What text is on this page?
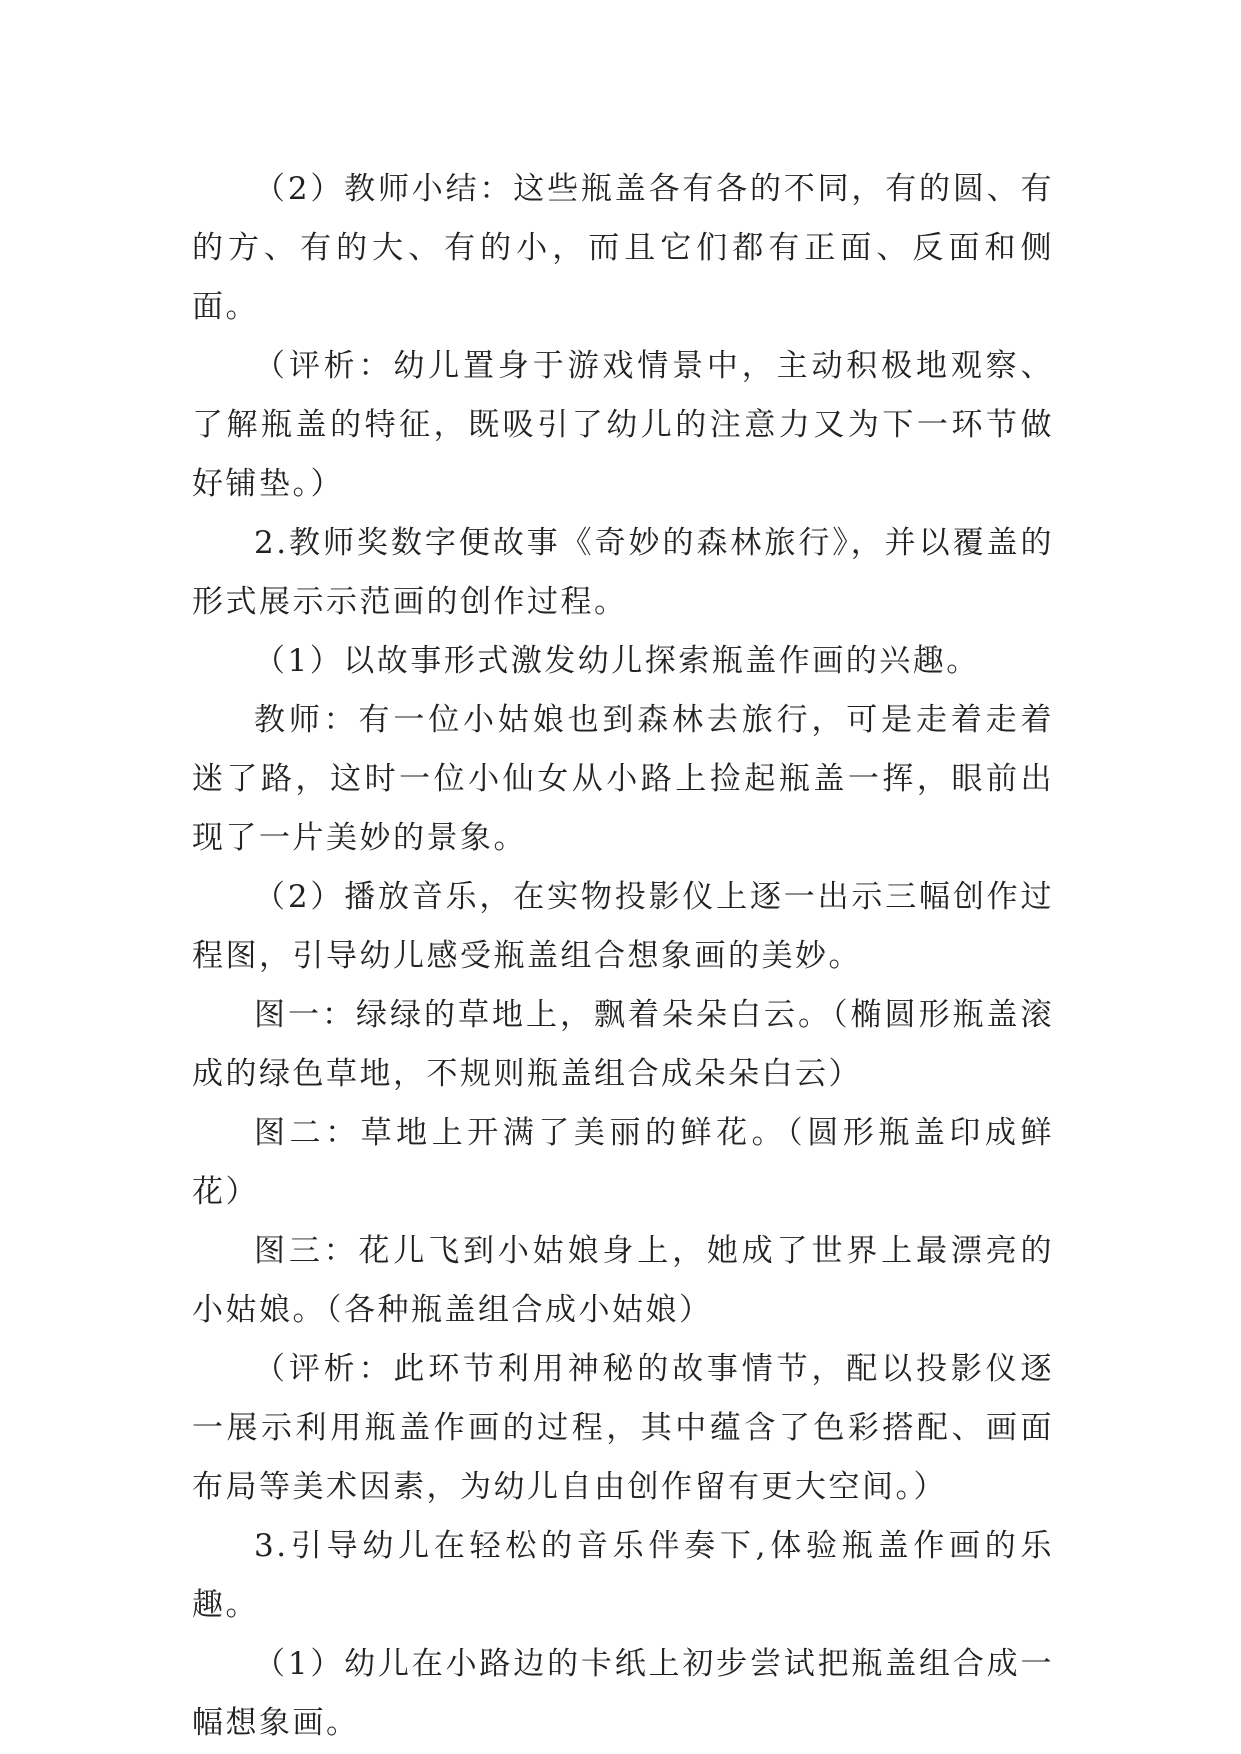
（2）教师小结：这些瓶盖各有各的不同，有的圆、有的方、有的大、有的小，而且它们都有正面、反面和侧面。

（评析：幼儿置身于游戏情景中，主动积极地观察、了解瓶盖的特征，既吸引了幼儿的注意力又为下一环节做好铺垫。）

2.教师奖数字便故事《奇妙的森林旅行》，并以覆盖的形式展示示范画的创作过程。

（1）以故事形式激发幼儿探索瓶盖作画的兴趣。

教师：有一位小姑娘也到森林去旅行，可是走着走着迷了路，这时一位小仙女从小路上捡起瓶盖一挥，眼前出现了一片美妙的景象。

（2）播放音乐，在实物投影仪上逐一出示三幅创作过程图，引导幼儿感受瓶盖组合想象画的美妙。

图一：绿绿的草地上，飘着朵朵白云。（椭圆形瓶盖滚成的绿色草地，不规则瓶盖组合成朵朵白云）

图二：草地上开满了美丽的鲜花。（圆形瓶盖印成鲜花）

图三：花儿飞到小姑娘身上，她成了世界上最漂亮的小姑娘。（各种瓶盖组合成小姑娘）

（评析：此环节利用神秘的故事情节，配以投影仪逐一展示利用瓶盖作画的过程，其中蕴含了色彩搭配、画面布局等美术因素，为幼儿自由创作留有更大空间。）

3.引导幼儿在轻松的音乐伴奏下,体验瓶盖作画的乐趣。

（1）幼儿在小路边的卡纸上初步尝试把瓶盖组合成一幅想象画。
